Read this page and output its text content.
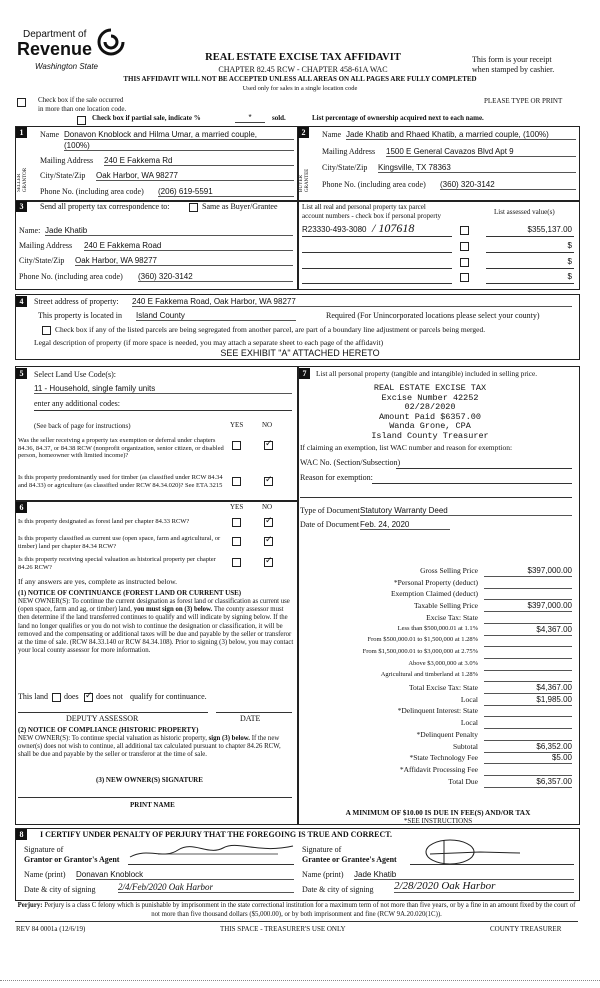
Department of
Revenue
Washington State
REAL ESTATE EXCISE TAX AFFIDAVIT
CHAPTER 82.45 RCW - CHAPTER 458-61A WAC
THIS AFFIDAVIT WILL NOT BE ACCEPTED UNLESS ALL AREAS ON ALL PAGES ARE FULLY COMPLETED
Used only for sales in a single location code
This form is your receipt
when stamped by cashier.
Check box if the sale occurred
in more than one location code.
PLEASE TYPE OR PRINT
Check box if partial sale, indicate %	*	sold.	List percentage of ownership acquired next to each name.
1	2
SELLER GRANTOR	BUYER GRANTEE
Name Donavon Knoblock and Hilma Umar, a married couple,
(100%)
Mailing Address 240 E Fakkema Rd
City/State/Zip Oak Harbor, WA 98277
Phone No. (including area code) (206) 619-5591
Name Jade Khatib and Rhaed Khatib, a married couple, (100%)
Mailing Address 1500 E General Cavazos Blvd Apt 9
City/State/Zip Kingsville, TX 78363
Phone No. (including area code) (360) 320-3142
3	Send all property tax correspondence to:	Same as Buyer/Grantee
Name: Jade Khatib
Mailing Address 240 E Fakkema Road
City/State/Zip Oak Harbor, WA 98277
Phone No. (including area code) (360) 320-3142
List all real and personal property tax parcel
account numbers - check box if personal property	List assessed value(s)
R23330-493-3080 / 107618	$355,137.00
$
$
$
4	Street address of property: 240 E Fakkema Road, Oak Harbor, WA 98277
This property is located in Island County	Required (For Unincorporated locations please select your county)
Check box if any of the listed parcels are being segregated from another parcel, are part of a boundary line adjustment or parcels being merged.
Legal description of property (if more space is needed, you may attach a separate sheet to each page of the affidavit)
SEE EXHIBIT "A" ATTACHED HERETO
5	Select Land Use Code(s):
11 - Household, single family units
enter any additional codes:
(See back of page for instructions)	YES	NO
Was the seller receiving a property tax exemption or deferral under chapters 84.36, 84.37, or 84.38 RCW (nonprofit organization, senior citizen, or disabled person, homeowner with limited income)?
✓
Is this property predominantly used for timber (as classified under RCW 84.34 and 84.33) or agriculture (as classified under RCW 84.34.020)? See ETA 3215
✓
6	YES	NO
Is this property designated as forest land per chapter 84.33 RCW?
✓
Is this property classified as current use (open space, farm and agricultural, or timber) land per chapter 84.34 RCW?
✓
Is this property receiving special valuation as historical property per chapter 84.26 RCW?
✓
If any answers are yes, complete as instructed below.
(1) NOTICE OF CONTINUANCE (FOREST LAND OR CURRENT USE)
NEW OWNER(S): To continue the current designation as forest land or classification as current use (open space, farm and ag, or timber) land, you must sign on (3) below. The county assessor must then determine if the land transferred continues to qualify and will indicate by signing below. If the land no longer qualifies or you do not wish to continue the designation or classification, it will be removed and the compensating or additional taxes will be due and payable by the seller or transferor at the time of sale. (RCW 84.33.140 or RCW 84.34.108). Prior to signing (3) below, you may contact your local county assessor for more information.
This land does
✓ does not qualify for continuance.
DEPUTY ASSESSOR	DATE
(2) NOTICE OF COMPLIANCE (HISTORIC PROPERTY)
NEW OWNER(S): To continue special valuation as historic property, sign (3) below. If the new owner(s) does not wish to continue, all additional tax calculated pursuant to chapter 84.26 RCW, shall be due and payable by the seller or transferor at the time of sale.
(3) NEW OWNER(S) SIGNATURE
PRINT NAME
7	List all personal property (tangible and intangible) included in selling price.
REAL ESTATE EXCISE TAX
Excise Number 42252
02/28/2020
Amount Paid $6357.00
Wanda Grone, CPA
Island County Treasurer
If claiming an exemption, list WAC number and reason for exemption:
WAC No. (Section/Subsection)
Reason for exemption:
Type of Document Statutory Warranty Deed
Date of Document Feb. 24, 2020
Gross Selling Price	$397,000.00
*Personal Property (deduct)
Exemption Claimed (deduct)
Taxable Selling Price	$397,000.00
Excise Tax: State
Less than $500,000.01 at 1.1%	$4,367.00
From $500,000.01 to $1,500,000 at 1.28%
From $1,500,000.01 to $3,000,000 at 2.75%
Above $3,000,000 at 3.0%
Agricultural and timberland at 1.28%
Total Excise Tax: State	$4,367.00
Local	$1,985.00
*Delinquent Interest: State
Local
*Delinquent Penalty
Subtotal	$6,352.00
*State Technology Fee	$5.00
*Affidavit Processing Fee
Total Due	$6,357.00
A MINIMUM OF $10.00 IS DUE IN FEE(S) AND/OR TAX
*SEE INSTRUCTIONS
8	I CERTIFY UNDER PENALTY OF PERJURY THAT THE FOREGOING IS TRUE AND CORRECT.
Signature of
Grantor or Grantor's Agent
Name (print) Donavan Knoblock
Date & city of signing 2/4/Feb/2020 Oak Harbor
Signature of
Grantee or Grantee's Agent
Name (print) Jade Khatib
Date & city of signing 2/28/2020 Oak Harbor
Perjury: Perjury is a class C felony which is punishable by imprisonment in the state correctional institution for a maximum term of not more than five years, or by a fine in an amount fixed by the court of not more than five thousand dollars ($5,000.00), or by both imprisonment and fine (RCW 9A.20.020(1C)).
REV 84 0001a (12/6/19)	THIS SPACE - TREASURER'S USE ONLY	COUNTY TREASURER
